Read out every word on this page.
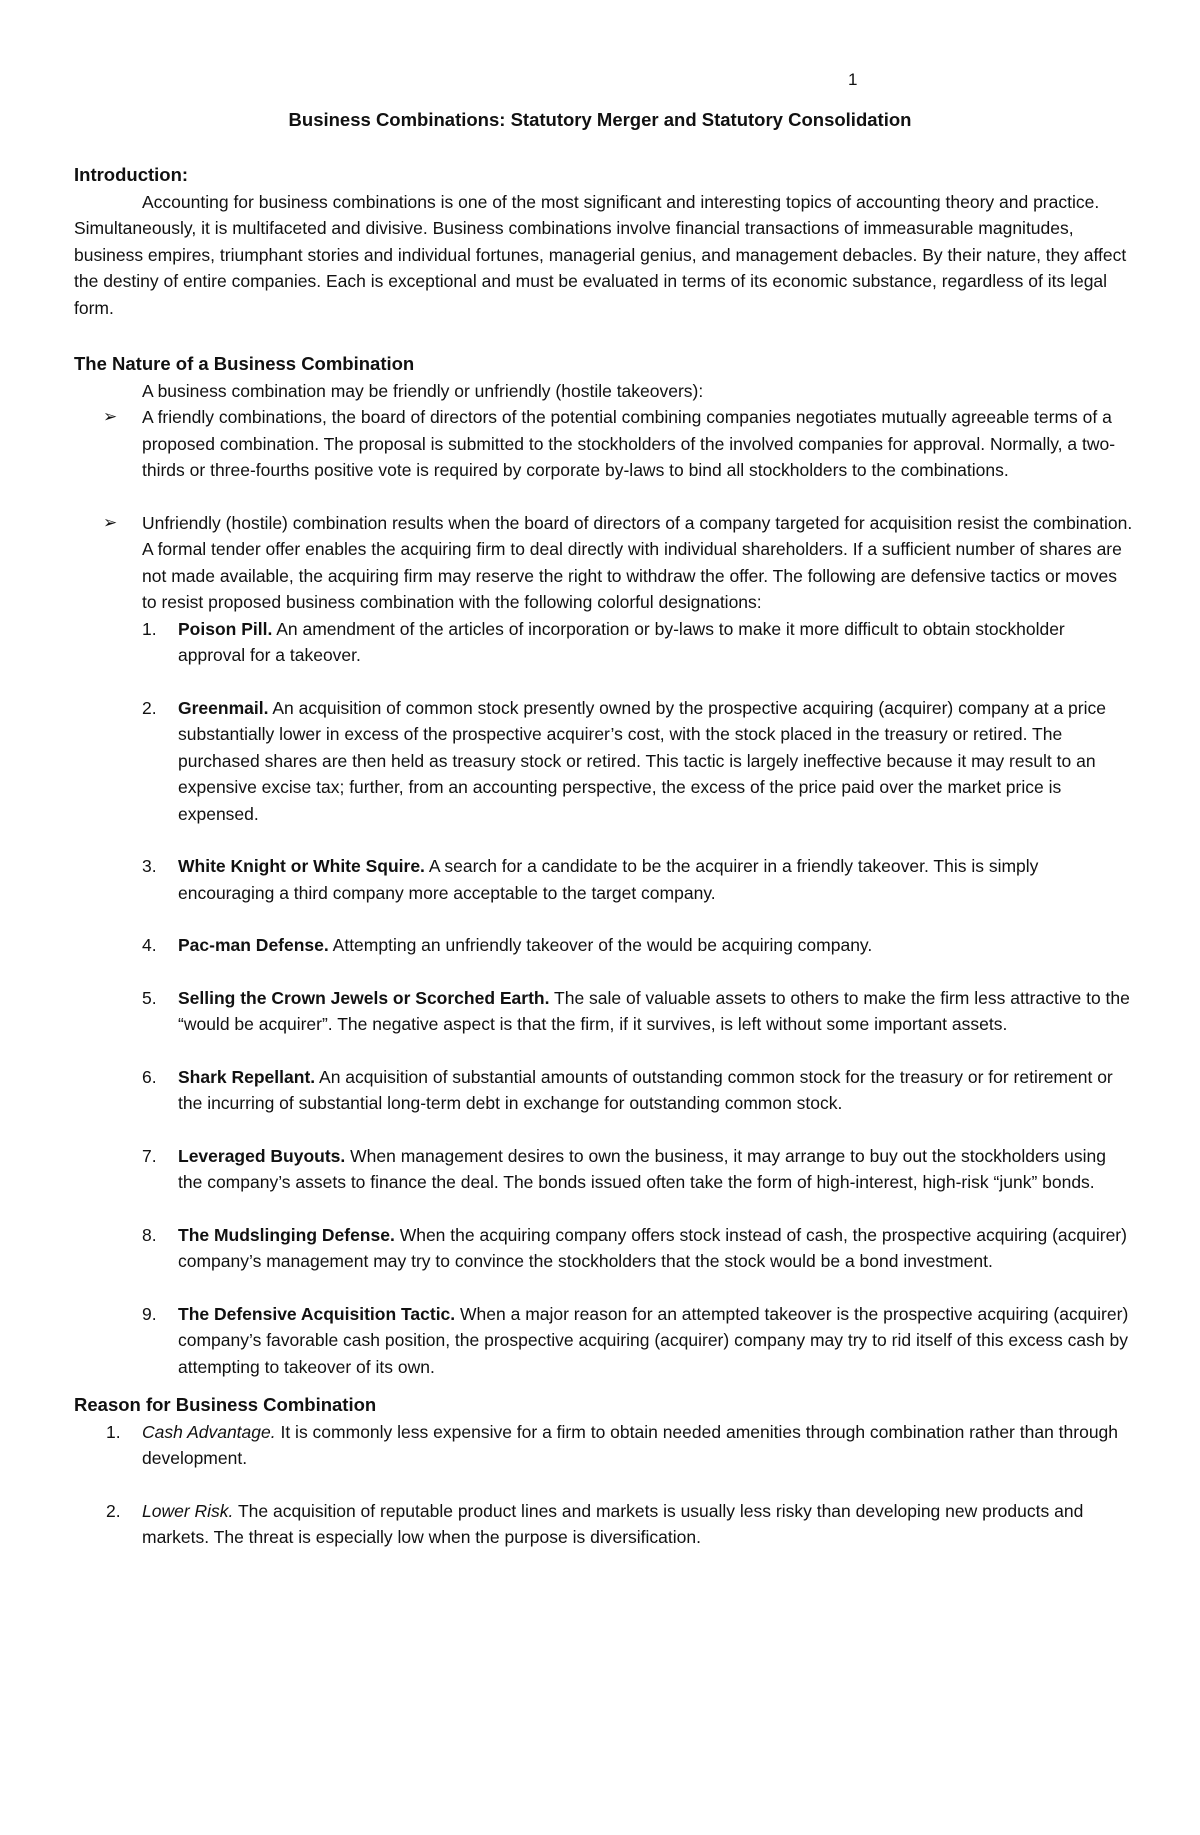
1
Business Combinations: Statutory Merger and Statutory Consolidation

Introduction:

Accounting for business combinations is one of the most significant and interesting topics of accounting theory and practice. Simultaneously, it is multifaceted and divisive. Business combinations involve financial transactions of immeasurable magnitudes, business empires, triumphant stories and individual fortunes, managerial genius, and management debacles. By their nature, they affect the destiny of entire companies. Each is exceptional and must be evaluated in terms of its economic substance, regardless of its legal form.

The Nature of a Business Combination

A business combination may be friendly or unfriendly (hostile takeovers):

➢ A friendly combinations, the board of directors of the potential combining companies negotiates mutually agreeable terms of a proposed combination. The proposal is submitted to the stockholders of the involved companies for approval. Normally, a two-thirds or three-fourths positive vote is required by corporate by-laws to bind all stockholders to the combinations.
➢ Unfriendly (hostile) combination results when the board of directors of a company targeted for acquisition resist the combination. A formal tender offer enables the acquiring firm to deal directly with individual shareholders. If a sufficient number of shares are not made available, the acquiring firm may reserve the right to withdraw the offer. The following are defensive tactics or moves to resist proposed business combination with the following colorful designations:
1. Poison Pill. An amendment of the articles of incorporation or by-laws to make it more difficult to obtain stockholder approval for a takeover.
2. Greenmail. An acquisition of common stock presently owned by the prospective acquiring (acquirer) company at a price substantially lower in excess of the prospective acquirer’s cost, with the stock placed in the treasury or retired. The purchased shares are then held as treasury stock or retired. This tactic is largely ineffective because it may result to an expensive excise tax; further, from an accounting perspective, the excess of the price paid over the market price is expensed.
3. White Knight or White Squire. A search for a candidate to be the acquirer in a friendly takeover. This is simply encouraging a third company more acceptable to the target company.
4. Pac-man Defense. Attempting an unfriendly takeover of the would be acquiring company.
5. Selling the Crown Jewels or Scorched Earth. The sale of valuable assets to others to make the firm less attractive to the “would be acquirer”. The negative aspect is that the firm, if it survives, is left without some important assets.
6. Shark Repellant. An acquisition of substantial amounts of outstanding common stock for the treasury or for retirement or the incurring of substantial long-term debt in exchange for outstanding common stock.
7. Leveraged Buyouts. When management desires to own the business, it may arrange to buy out the stockholders using the company’s assets to finance the deal. The bonds issued often take the form of high-interest, high-risk “junk” bonds.
8. The Mudslinging Defense. When the acquiring company offers stock instead of cash, the prospective acquiring (acquirer) company’s management may try to convince the stockholders that the stock would be a bond investment.
9. The Defensive Acquisition Tactic. When a major reason for an attempted takeover is the prospective acquiring (acquirer) company’s favorable cash position, the prospective acquiring (acquirer) company may try to rid itself of this excess cash by attempting to takeover of its own.

Reason for Business Combination

1. Cash Advantage. It is commonly less expensive for a firm to obtain needed amenities through combination rather than through development.
2. Lower Risk. The acquisition of reputable product lines and markets is usually less risky than developing new products and markets. The threat is especially low when the purpose is diversification.
